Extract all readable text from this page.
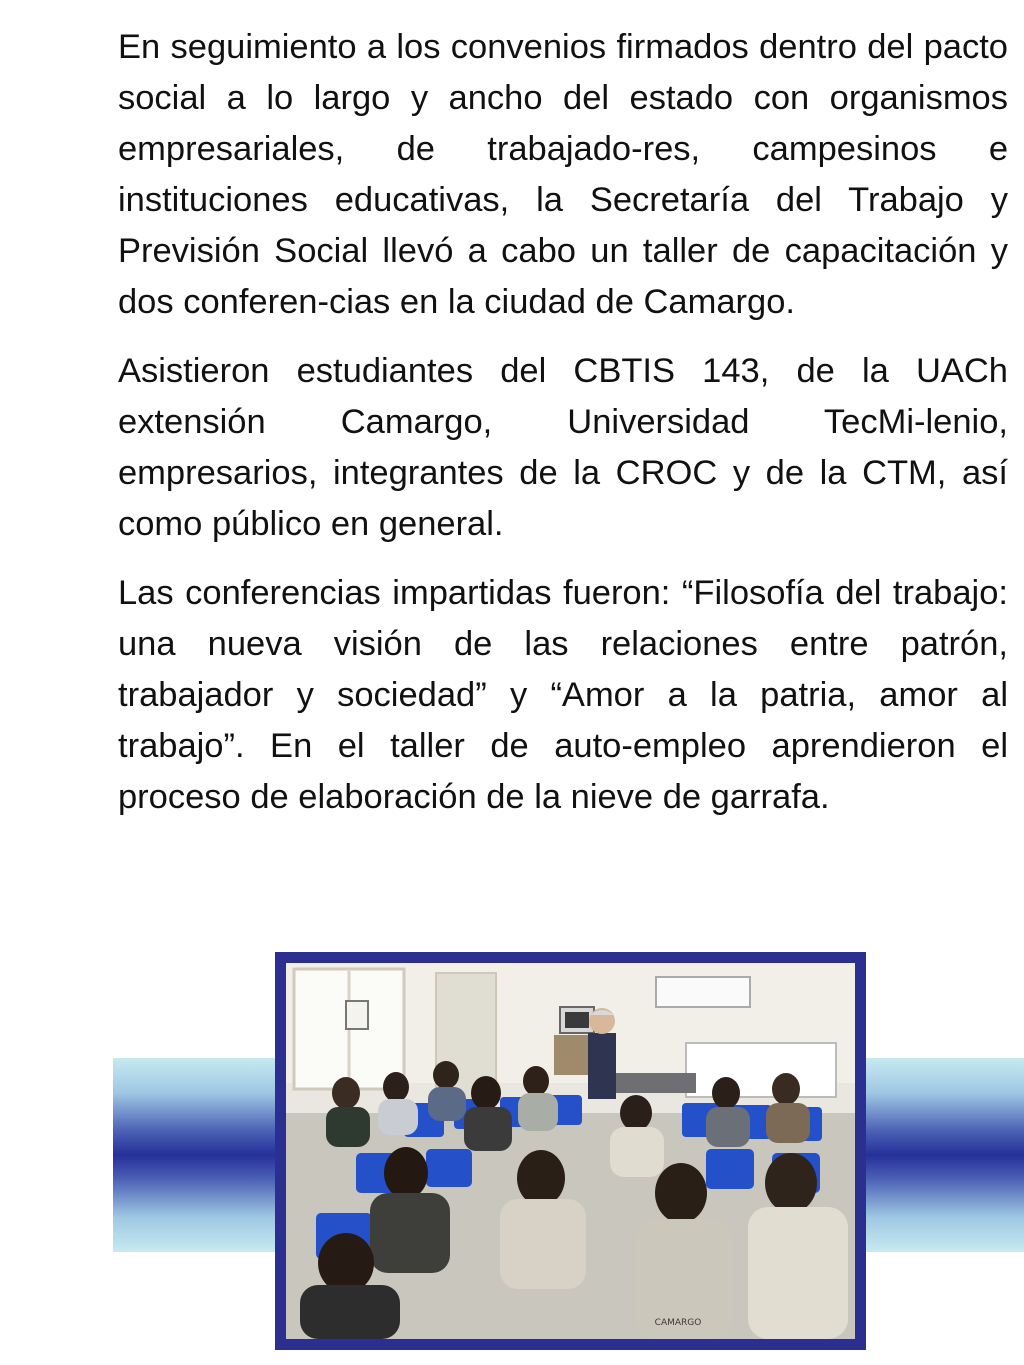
En seguimiento a los convenios firmados dentro del pacto social a lo largo y ancho del estado con organismos empresariales, de trabajado-res, campesinos e instituciones educativas, la Secretaría del Trabajo y Previsión Social llevó a cabo un taller de capacitación y dos conferen-cias en la ciudad de Camargo.

Asistieron estudiantes del CBTIS 143, de la UACh extensión Camargo, Universidad TecMi-lenio, empresarios, integrantes de la CROC y de la CTM, así como público en general.

Las conferencias impartidas fueron: “Filosofía del trabajo: una nueva visión de las relaciones entre patrón, trabajador y sociedad” y “Amor a la patria, amor al trabajo”. En el taller de auto-empleo aprendieron el proceso de elaboración de la nieve de garrafa.

CAMARGO
